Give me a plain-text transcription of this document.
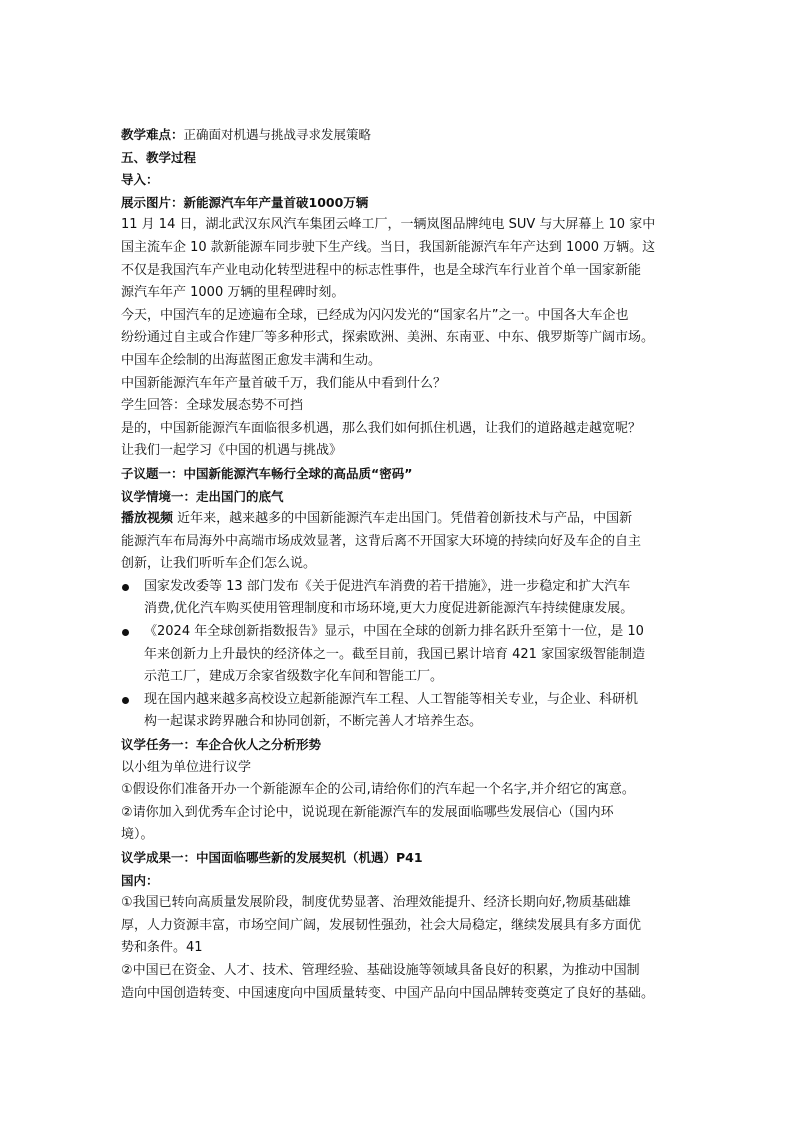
教学难点：正确面对机遇与挑战寻求发展策略
五、教学过程
导入：
展示图片：新能源汽车年产量首破1000万辆
11 月 14 日，湖北武汉东风汽车集团云峰工厂，一辆岚图品牌纯电 SUV 与大屏幕上 10 家中
国主流车企 10 款新能源车同步驶下生产线。当日，我国新能源汽车年产达到 1000 万辆。这
不仅是我国汽车产业电动化转型进程中的标志性事件，也是全球汽车行业首个单一国家新能
源汽车年产 1000 万辆的里程碑时刻。
今天，中国汽车的足迹遍布全球，已经成为闪闪发光的“国家名片”之一。中国各大车企也
纷纷通过自主或合作建厂等多种形式，探索欧洲、美洲、东南亚、中东、俄罗斯等广阔市场。
中国车企绘制的出海蓝图正愈发丰满和生动。
中国新能源汽车年产量首破千万，我们能从中看到什么？
学生回答：全球发展态势不可挡
是的，中国新能源汽车面临很多机遇，那么我们如何抓住机遇，让我们的道路越走越宽呢？
让我们一起学习《中国的机遇与挑战》
子议题一：中国新能源汽车畅行全球的高品质“密码”
议学情境一：走出国门的底气
播放视频 近年来，越来越多的中国新能源汽车走出国门。凭借着创新技术与产品，中国新
能源汽车布局海外中高端市场成效显著，这背后离不开国家大环境的持续向好及车企的自主
创新，让我们听听车企们怎么说。
国家发改委等 13 部门发布《关于促进汽车消费的若干措施》，进一步稳定和扩大汽车
消费,优化汽车购买使用管理制度和市场环境,更大力度促进新能源汽车持续健康发展。
《2024 年全球创新指数报告》显示，中国在全球的创新力排名跃升至第十一位，是 10
年来创新力上升最快的经济体之一。截至目前，我国已累计培育 421 家国家级智能制造
示范工厂，建成万余家省级数字化车间和智能工厂。
现在国内越来越多高校设立起新能源汽车工程、人工智能等相关专业，与企业、科研机
构一起谋求跨界融合和协同创新，不断完善人才培养生态。
议学任务一：车企合伙人之分析形势
以小组为单位进行议学
①假设你们准备开办一个新能源车企的公司,请给你们的汽车起一个名字,并介绍它的寓意。
②请你加入到优秀车企讨论中，说说现在新能源汽车的发展面临哪些发展信心（国内环
境）。
议学成果一：中国面临哪些新的发展契机（机遇）P41
国内：
①我国已转向高质量发展阶段，制度优势显著、治理效能提升、经济长期向好,物质基础雄
厚，人力资源丰富，市场空间广阔，发展韧性强劲，社会大局稳定，继续发展具有多方面优
势和条件。41
②中国已在资金、人才、技术、管理经验、基础设施等领域具备良好的积累，为推动中国制
造向中国创造转变、中国速度向中国质量转变、中国产品向中国品牌转变奠定了良好的基础。
